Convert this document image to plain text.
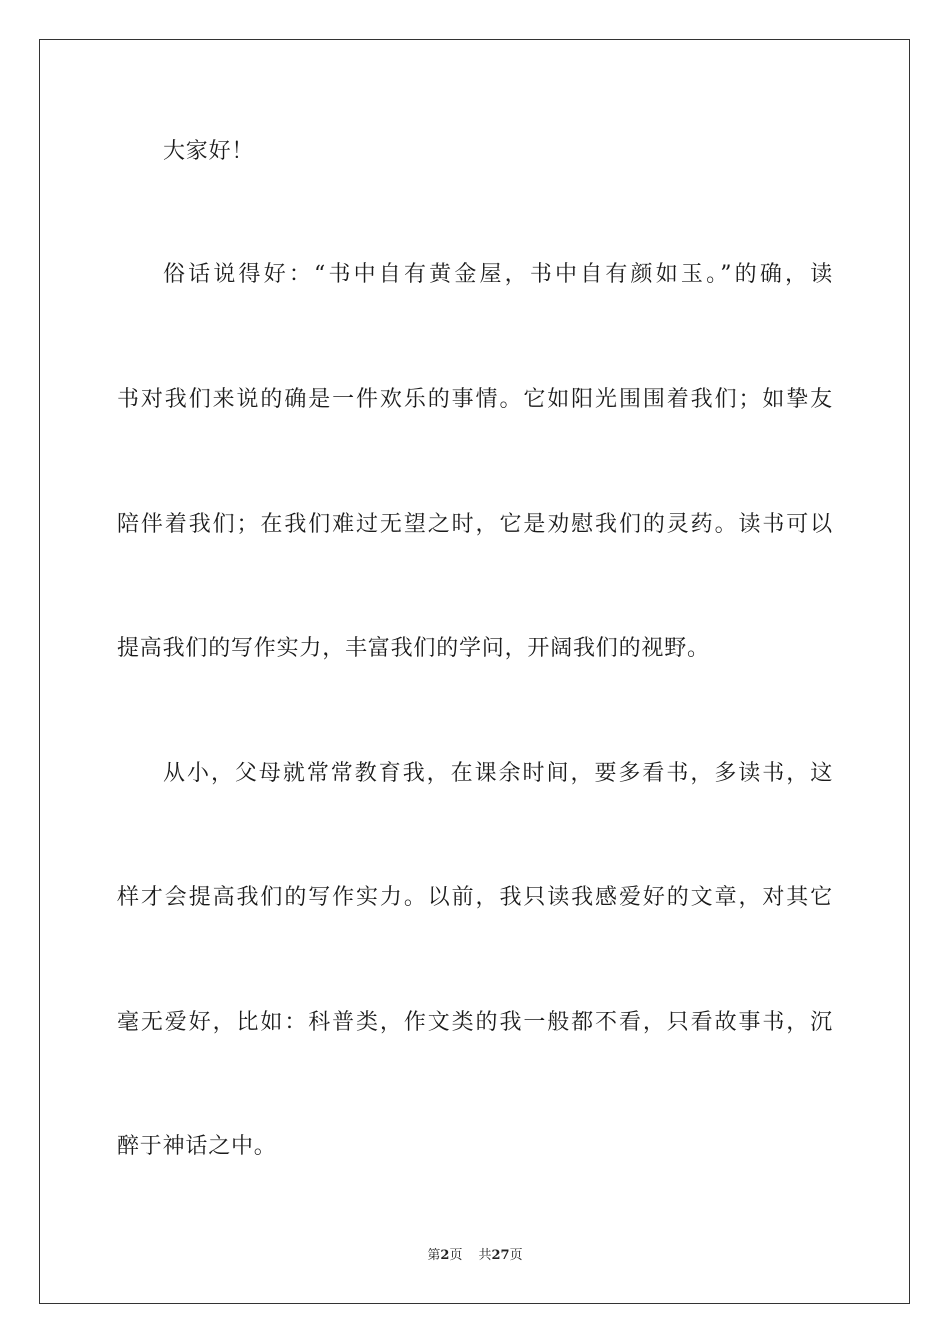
大家好！
俗话说得好：“书中自有黄金屋，书中自有颜如玉。”的确，读
书对我们来说的确是一件欢乐的事情。它如阳光围围着我们；如挚友
陪伴着我们；在我们难过无望之时，它是劝慰我们的灵药。读书可以
提高我们的写作实力，丰富我们的学问，开阔我们的视野。
从小，父母就常常教育我，在课余时间，要多看书，多读书，这
样才会提高我们的写作实力。以前，我只读我感爱好的文章，对其它
毫无爱好，比如：科普类，作文类的我一般都不看，只看故事书，沉
醉于神话之中。
第2页 共27页
